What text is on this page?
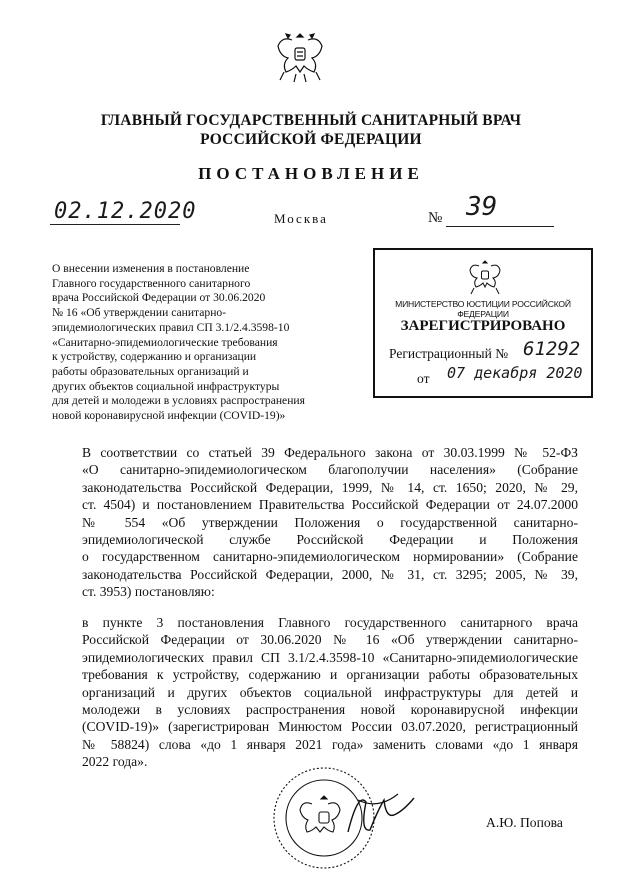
ГЛАВНЫЙ ГОСУДАРСТВЕННЫЙ САНИТАРНЫЙ ВРАЧ
РОССИЙСКОЙ ФЕДЕРАЦИИ
ПОСТАНОВЛЕНИЕ
02.12.2020	Москва	№ 39
О внесении изменения в постановление
Главного государственного санитарного
врача Российской Федерации от 30.06.2020
№ 16 «Об утверждении санитарно-
эпидемиологических правил СП 3.1/2.4.3598-10
«Санитарно-эпидемиологические требования
к устройству, содержанию и организации
работы образовательных организаций и
других объектов социальной инфраструктуры
для детей и молодежи в условиях распространения
новой коронавирусной инфекции (COVID-19)»
МИНИСТЕРСТВО ЮСТИЦИИ РОССИЙСКОЙ ФЕДЕРАЦИИ
ЗАРЕГИСТРИРОВАНО
Регистрационный № 61292
от 07 декабря 2020
В соответствии со статьей 39 Федерального закона от 30.03.1999 № 52-ФЗ
«О санитарно-эпидемиологическом благополучии населения» (Собрание
законодательства Российской Федерации, 1999, № 14, ст. 1650; 2020, № 29,
ст. 4504) и постановлением Правительства Российской Федерации от 24.07.2000
№ 554 «Об утверждении Положения о государственной санитарно-
эпидемиологической службе Российской Федерации и Положения
о государственном санитарно-эпидемиологическом нормировании» (Собрание
законодательства Российской Федерации, 2000, № 31, ст. 3295; 2005, № 39,
ст. 3953) постановляю:
в пункте 3 постановления Главного государственного санитарного врача
Российской Федерации от 30.06.2020 № 16 «Об утверждении санитарно-
эпидемиологических правил СП 3.1/2.4.3598-10 «Санитарно-эпидемиологические
требования к устройству, содержанию и организации работы образовательных
организаций и других объектов социальной инфраструктуры для детей и
молодежи в условиях распространения новой коронавирусной инфекции
(COVID-19)» (зарегистрирован Минюстом России 03.07.2020, регистрационный
№ 58824) слова «до 1 января 2021 года» заменить словами «до 1 января
2022 года».
А.Ю. Попова
